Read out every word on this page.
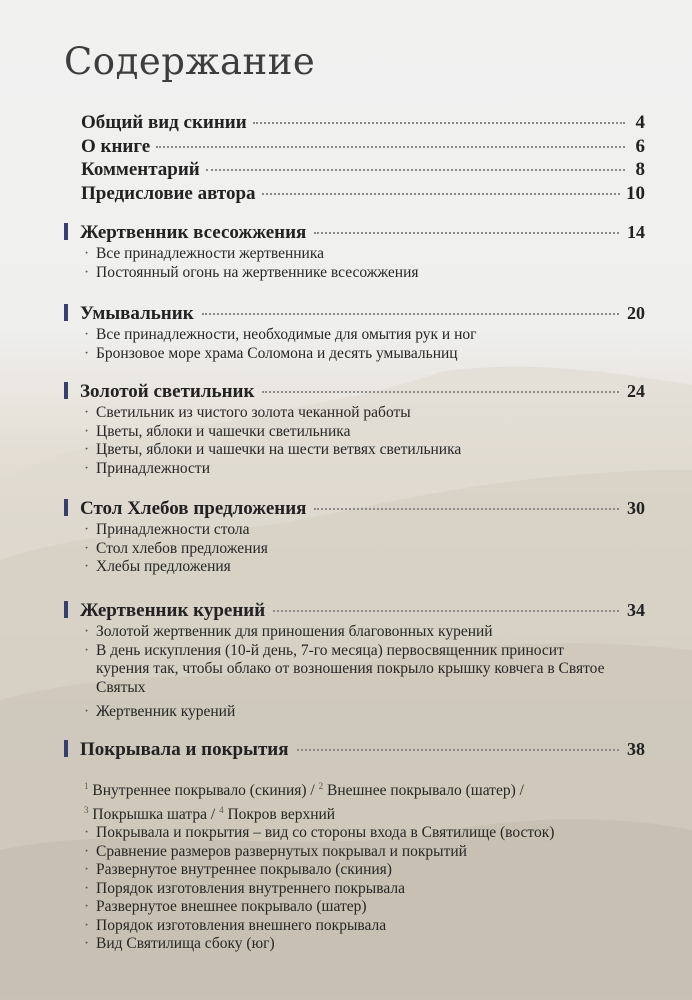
Содержание
Общий вид скинии	4
О книге	6
Комментарий	8
Предисловие автора	10
Жертвенник всесожжения	14
· Все принадлежности жертвенника
· Постоянный огонь на жертвеннике всесожжения
Умывальник	20
· Все принадлежности, необходимые для омытия рук и ног
· Бронзовое море храма Соломона и десять умывальниц
Золотой светильник	24
· Светильник из чистого золота чеканной работы
· Цветы, яблоки и чашечки светильника
· Цветы, яблоки и чашечки на шести ветвях светильника
· Принадлежности
Стол Хлебов предложения	30
· Принадлежности стола
· Стол хлебов предложения
· Хлебы предложения
Жертвенник курений	34
· Золотой жертвенник для приношения благовонных курений
· В день искупления (10-й день, 7-го месяца) первосвященник приносит курения так, чтобы облако от возношения покрыло крышку ковчега в Святое Святых
· Жертвенник курений
Покрывала и покрытия	38
$^1$ Внутреннее покрывало (скиния) / $^2$ Внешнее покрывало (шатер) /
$^3$ Покрышка шатра / $^4$ Покров верхний
· Покрывала и покрытия – вид со стороны входа в Святилище (восток)
· Сравнение размеров развернутых покрывал и покрытий
· Развернутое внутреннее покрывало (скиния)
· Порядок изготовления внутреннего покрывала
· Развернутое внешнее покрывало (шатер)
· Порядок изготовления внешнего покрывала
· Вид Святилища сбоку (юг)
